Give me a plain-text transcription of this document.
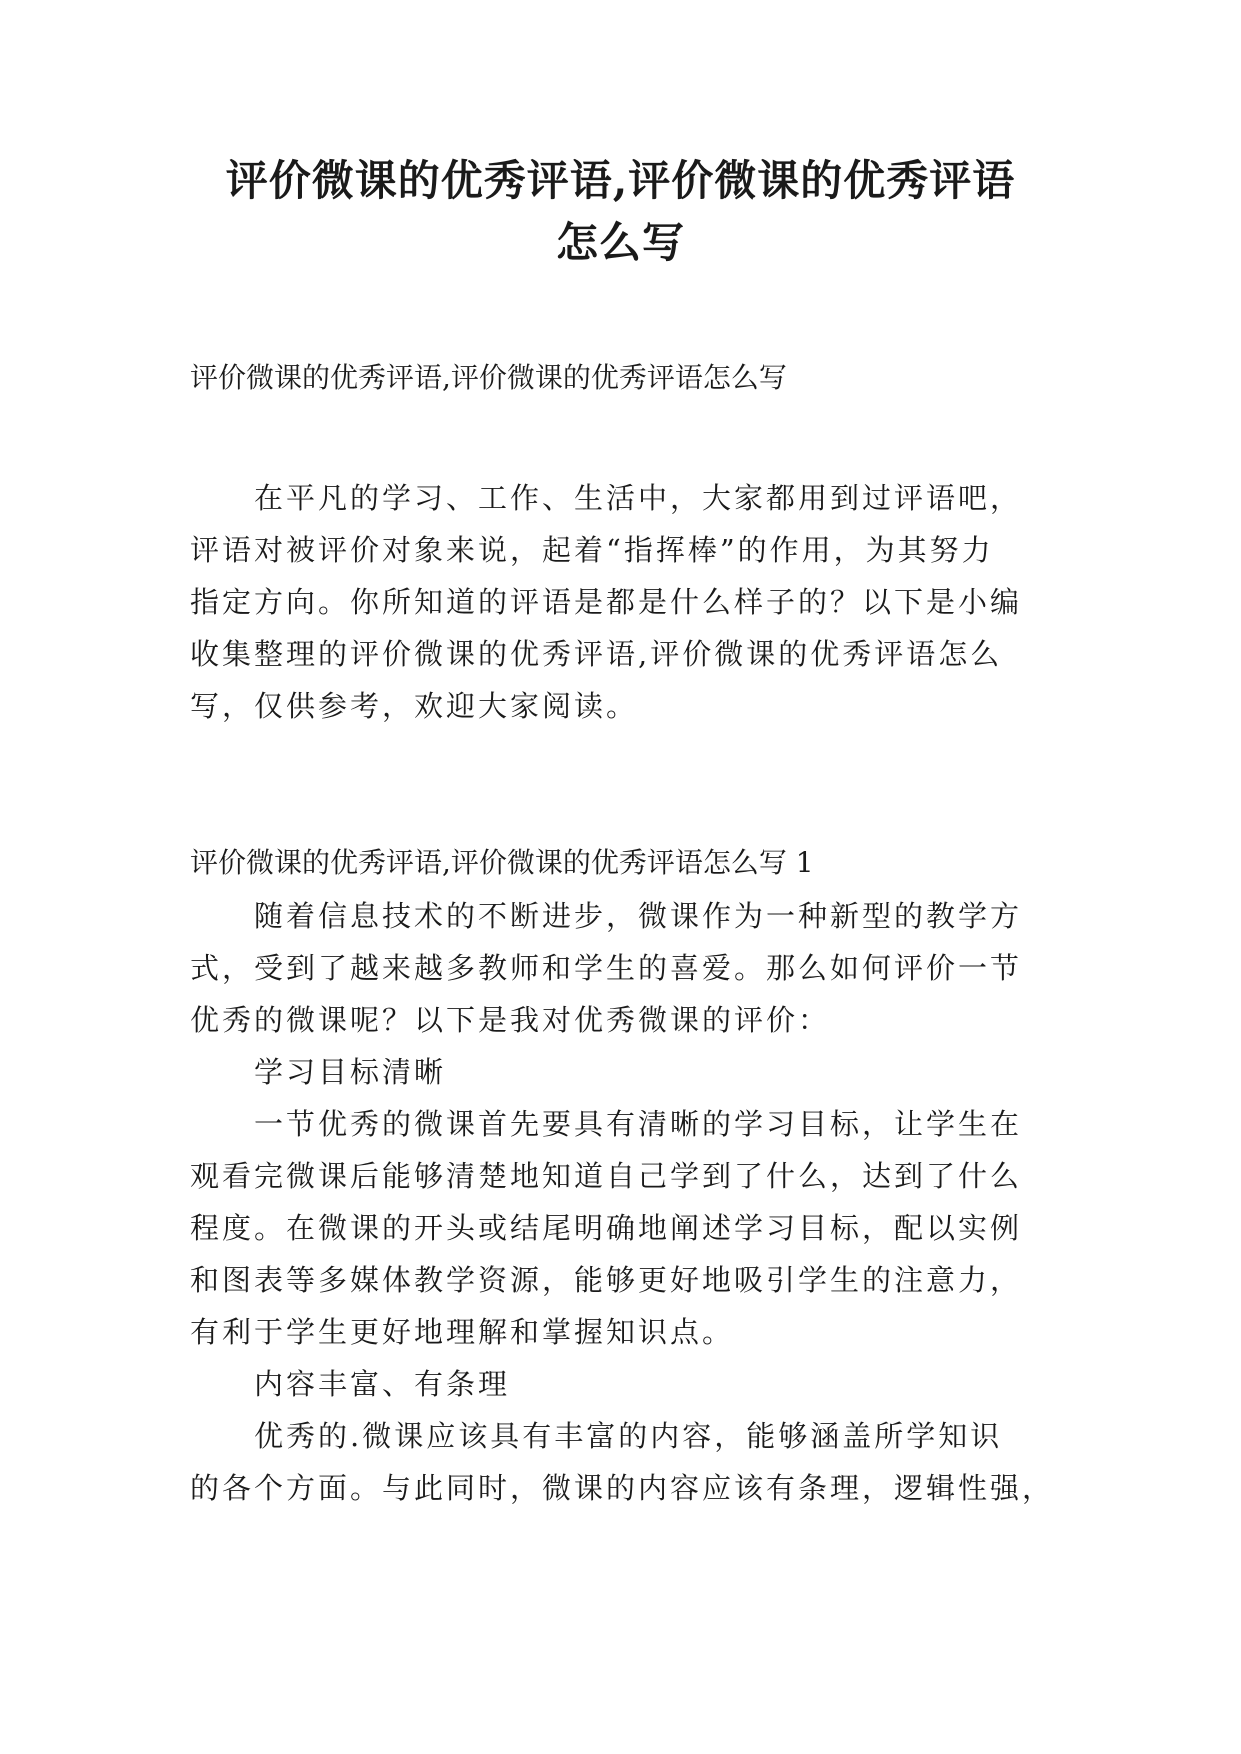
评价微课的优秀评语,评价微课的优秀评语
怎么写
评价微课的优秀评语,评价微课的优秀评语怎么写

在平凡的学习、工作、生活中，大家都用到过评语吧，

评语对被评价对象来说，起着“指挥棒”的作用，为其努力

指定方向。你所知道的评语是都是什么样子的？以下是小编

收集整理的评价微课的优秀评语,评价微课的优秀评语怎么

写，仅供参考，欢迎大家阅读。

评价微课的优秀评语,评价微课的优秀评语怎么写 1

随着信息技术的不断进步，微课作为一种新型的教学方

式，受到了越来越多教师和学生的喜爱。那么如何评价一节

优秀的微课呢？以下是我对优秀微课的评价：

学习目标清晰

一节优秀的微课首先要具有清晰的学习目标，让学生在

观看完微课后能够清楚地知道自己学到了什么，达到了什么

程度。在微课的开头或结尾明确地阐述学习目标，配以实例

和图表等多媒体教学资源，能够更好地吸引学生的注意力，

有利于学生更好地理解和掌握知识点。

内容丰富、有条理

优秀的.微课应该具有丰富的内容，能够涵盖所学知识

的各个方面。与此同时，微课的内容应该有条理，逻辑性强，
